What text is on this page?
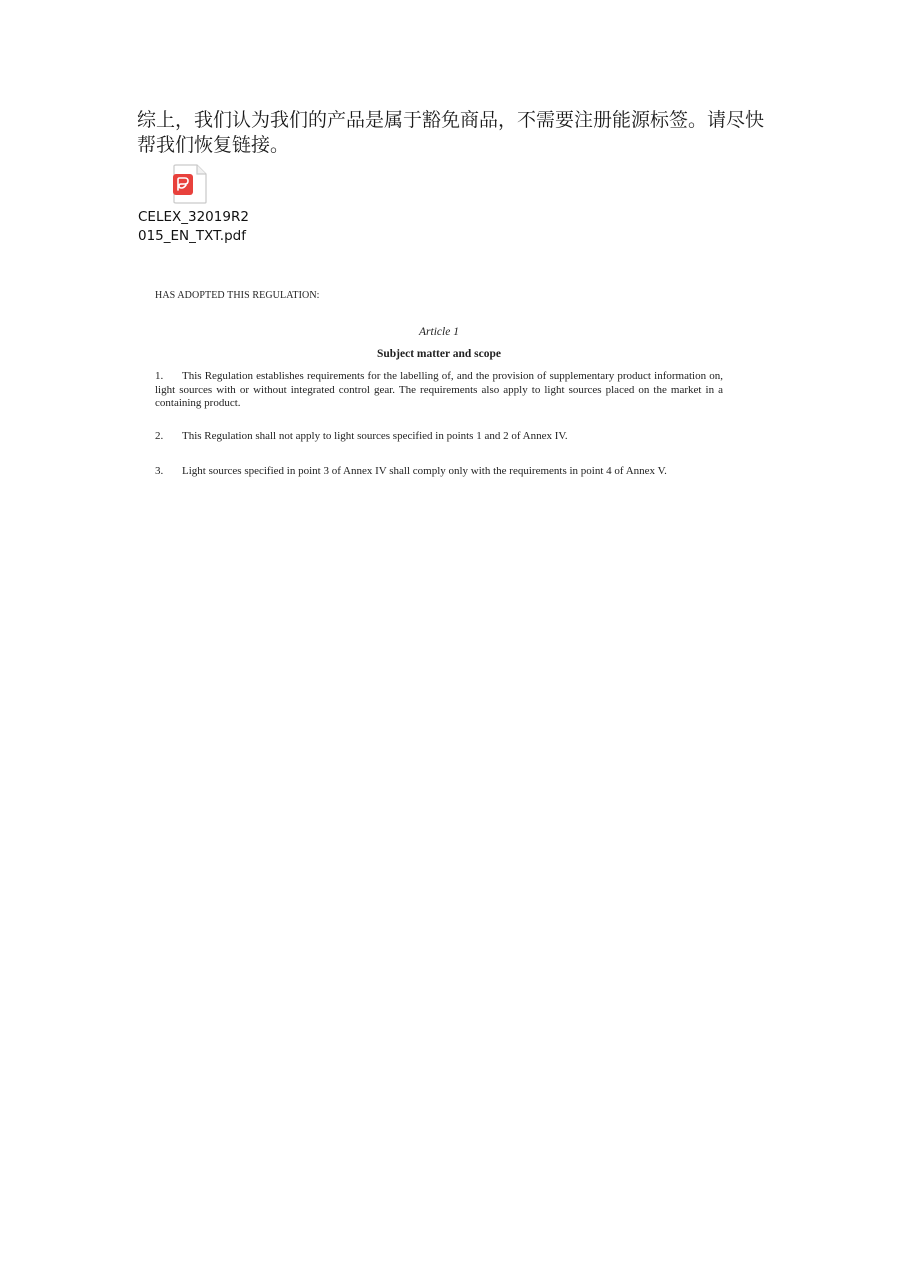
综上，我们认为我们的产品是属于豁免商品，不需要注册能源标签。请尽快帮我们恢复链接。

CELEX_32019R2
015_EN_TXT.pdf

HAS ADOPTED THIS REGULATION:

Article 1

Subject matter and scope

1. This Regulation establishes requirements for the labelling of, and the provision of supplementary product information on, light sources with or without integrated control gear. The requirements also apply to light sources placed on the market in a containing product.

2. This Regulation shall not apply to light sources specified in points 1 and 2 of Annex IV.

3. Light sources specified in point 3 of Annex IV shall comply only with the requirements in point 4 of Annex V.
